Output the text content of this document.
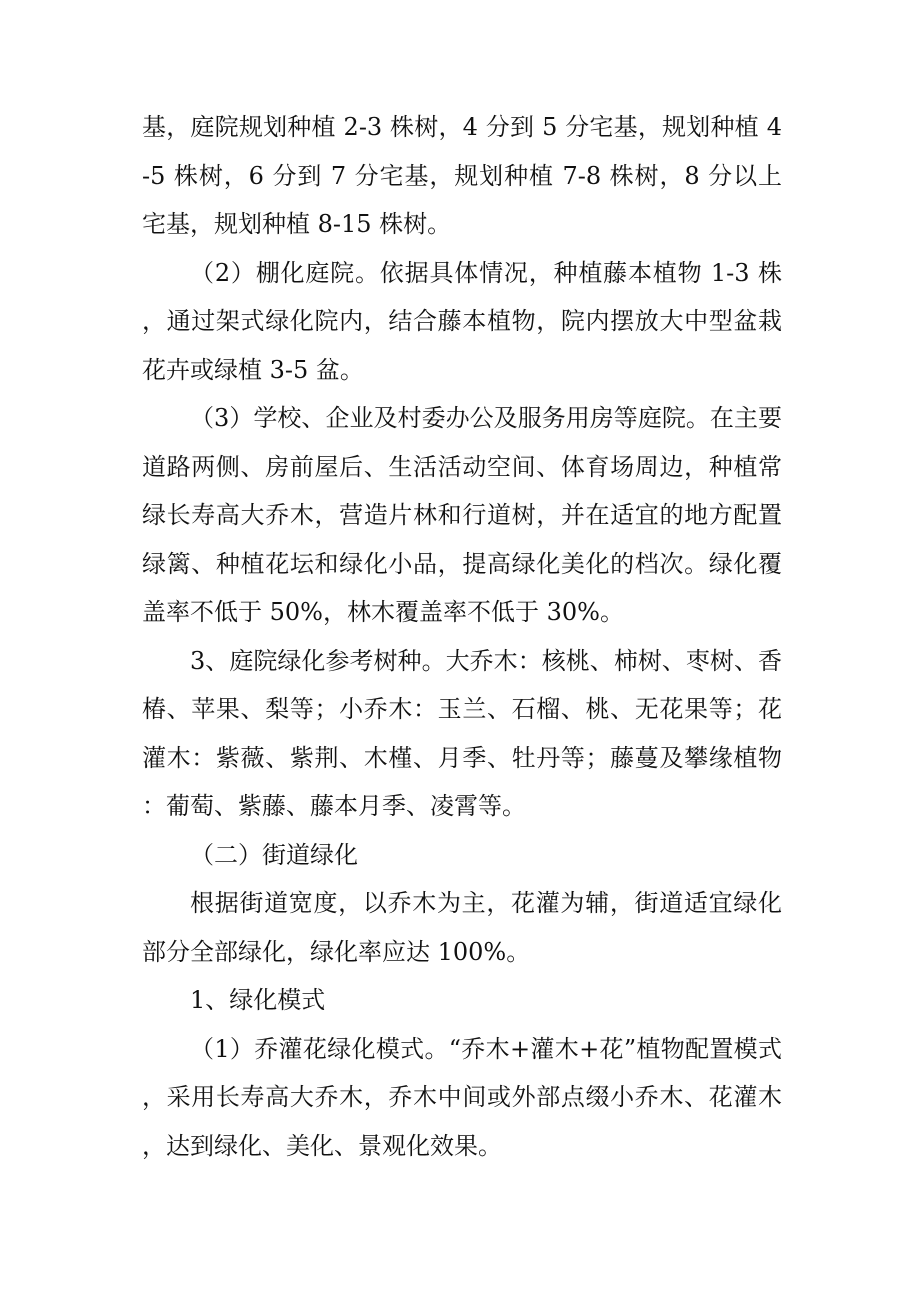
基，庭院规划种植 2-3 株树，4 分到 5 分宅基，规划种植 4-5 株树，6 分到 7 分宅基，规划种植 7-8 株树，8 分以上宅基，规划种植 8-15 株树。

（2）棚化庭院。依据具体情况，种植藤本植物 1-3 株，通过架式绿化院内，结合藤本植物，院内摆放大中型盆栽花卉或绿植 3-5 盆。

（3）学校、企业及村委办公及服务用房等庭院。在主要道路两侧、房前屋后、生活活动空间、体育场周边，种植常绿长寿高大乔木，营造片林和行道树，并在适宜的地方配置绿篱、种植花坛和绿化小品，提高绿化美化的档次。绿化覆盖率不低于 50%，林木覆盖率不低于 30%。

3、庭院绿化参考树种。大乔木：核桃、柿树、枣树、香椿、苹果、梨等；小乔木：玉兰、石榴、桃、无花果等；花灌木：紫薇、紫荆、木槿、月季、牡丹等；藤蔓及攀缘植物：葡萄、紫藤、藤本月季、凌霄等。

（二）街道绿化

根据街道宽度，以乔木为主，花灌为辅，街道适宜绿化部分全部绿化，绿化率应达 100%。

1、绿化模式

（1）乔灌花绿化模式。“乔木+灌木+花”植物配置模式，采用长寿高大乔木，乔木中间或外部点缀小乔木、花灌木，达到绿化、美化、景观化效果。
